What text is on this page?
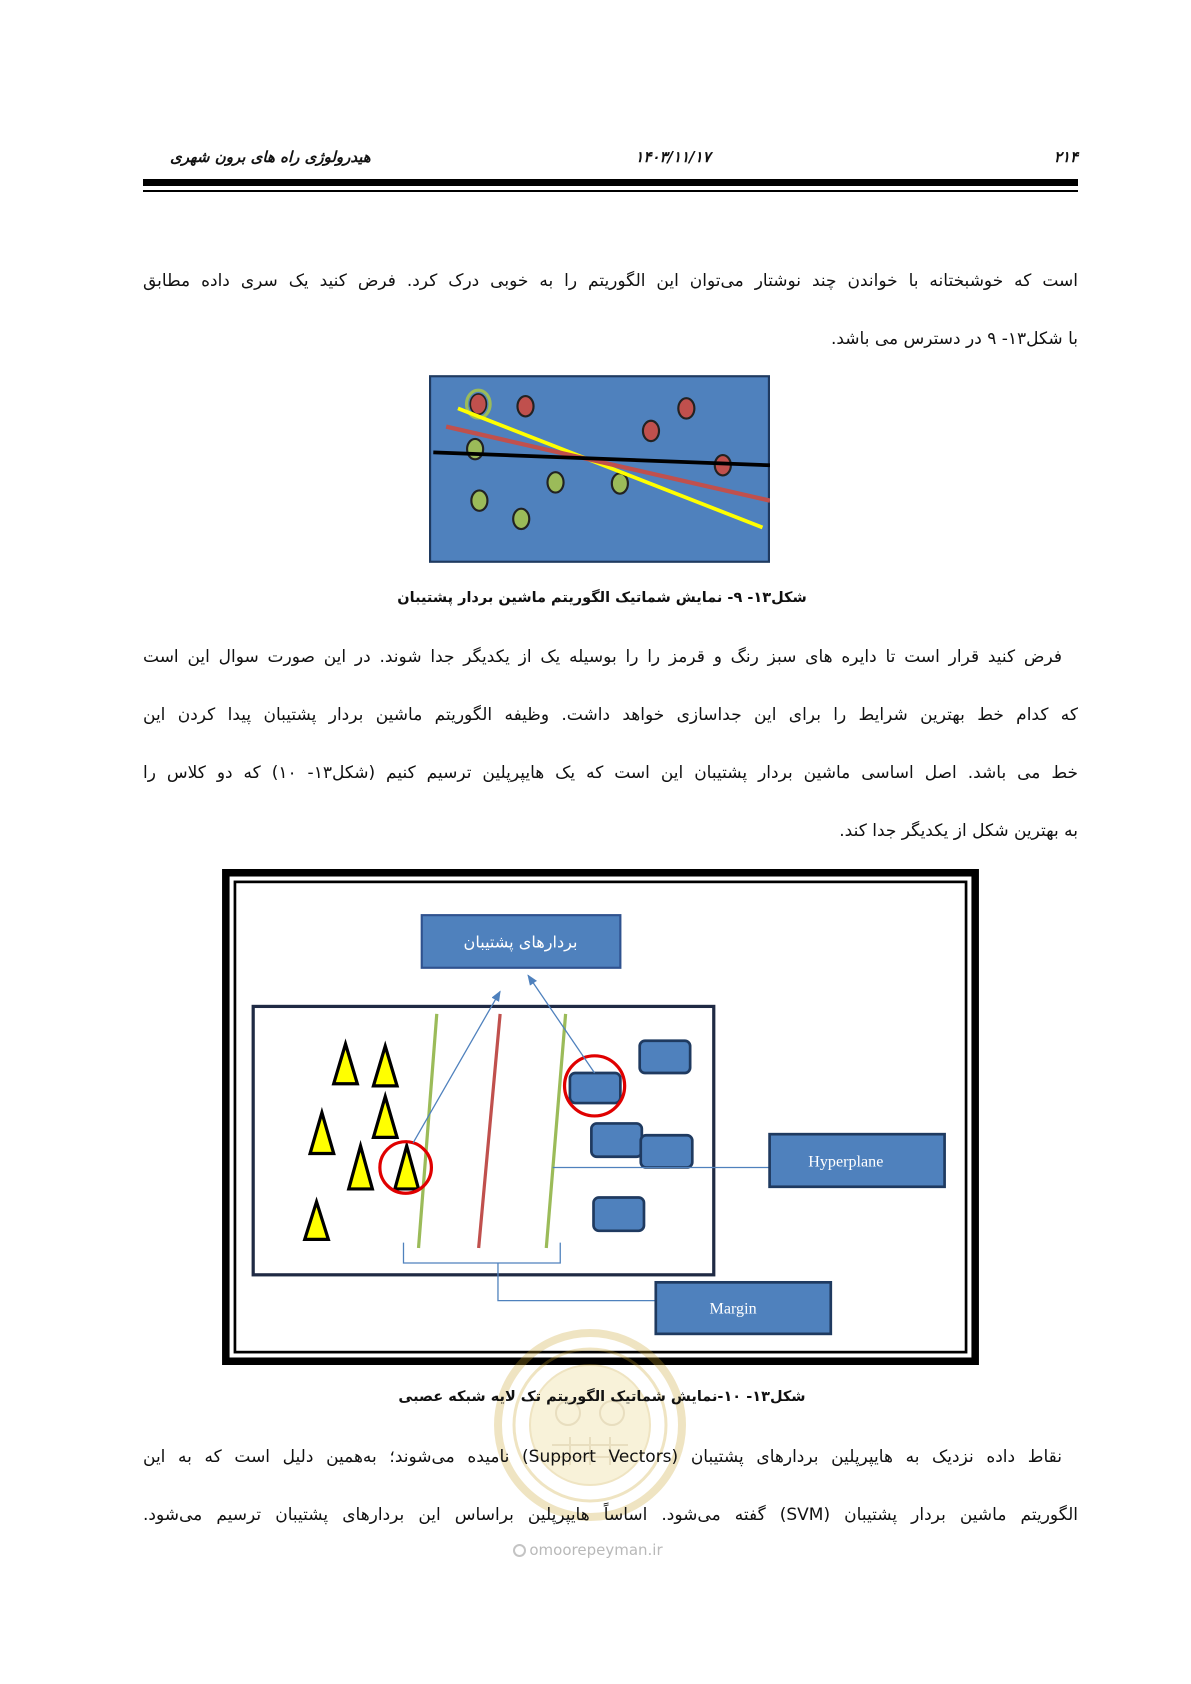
۲۱۴
۱۴۰۳/۱۱/۱۷
هیدرولوژی راه های برون شهری
است که خوشبختانه با خواندن چند نوشتار می‌توان این الگوریتم را به خوبی درک کرد. فرض کنید یک سری داده مطابق
با شکل۱۳- ۹ در دسترس می باشد.
شکل۱۳- ۹- نمایش شماتیک الگوریتم ماشین بردار پشتیبان
فرض کنید قرار است تا دایره های سبز رنگ و قرمز را را بوسیله یک از یکدیگر جدا شوند. در این صورت سوال این است
که کدام خط بهترین شرایط را برای این جداسازی خواهد داشت. وظیفه الگوریتم ماشین بردار پشتیبان پیدا کردن این
خط می باشد. اصل اساسی ماشین بردار پشتیبان این است که یک هایپرپلین ترسیم کنیم (شکل۱۳- ۱۰) که دو کلاس را
به بهترین شکل از یکدیگر جدا کند.
بردارهای پشتیبان
Hyperplane
Margin
شکل۱۳- ۱۰-نمایش شماتیک الگوریتم تک لایه شبکه عصبی
نقاط داده نزدیک به هایپرپلین بردارهای پشتیبان (Support Vectors) نامیده می‌شوند؛ به‌همین دلیل است که به این
الگوریتم ماشین بردار پشتیبان (SVM) گفته می‌شود. اساساً هایپرپلین براساس این بردارهای پشتیبان ترسیم می‌شود.
omoorepeyman.ir
